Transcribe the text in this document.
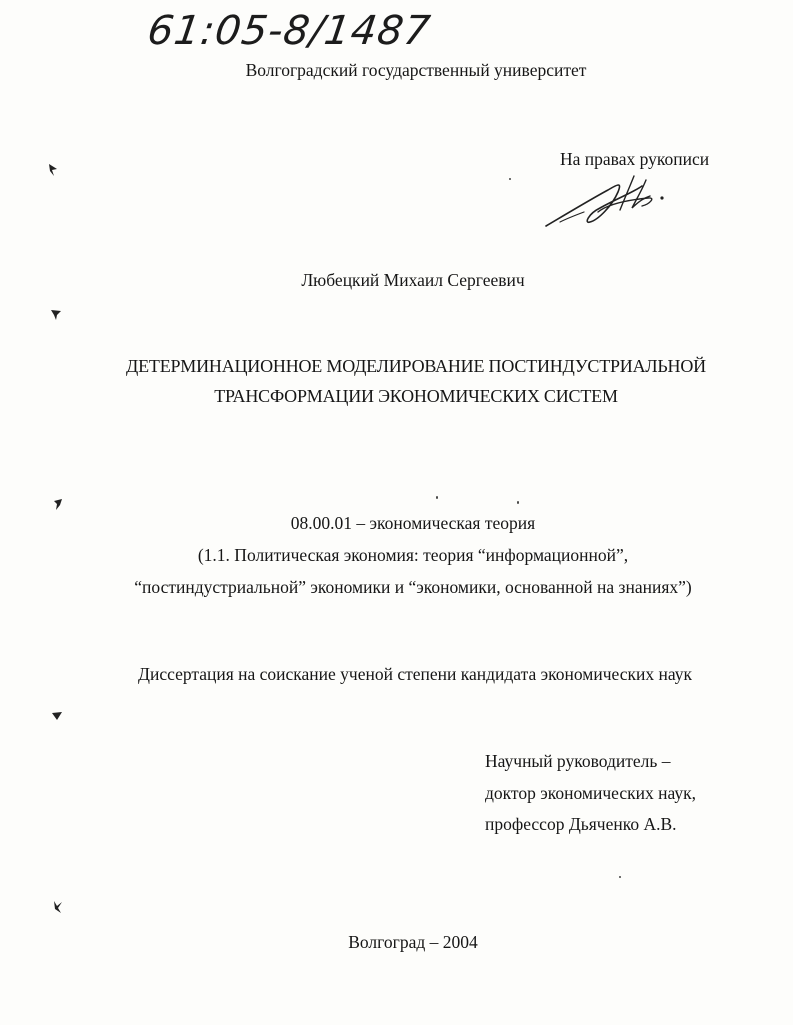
61:05-8/1487
Волгоградский государственный университет
На правах рукописи
Любецкий Михаил Сергеевич
ДЕТЕРМИНАЦИОННОЕ МОДЕЛИРОВАНИЕ ПОСТИНДУСТРИАЛЬНОЙ
ТРАНСФОРМАЦИИ ЭКОНОМИЧЕСКИХ СИСТЕМ
08.00.01 – экономическая теория
(1.1. Политическая экономия: теория “информационной”,
“постиндустриальной” экономики и “экономики, основанной на знаниях”)
Диссертация на соискание ученой степени кандидата экономических наук
Научный руководитель –
доктор экономических наук,
профессор Дьяченко А.В.
Волгоград – 2004
